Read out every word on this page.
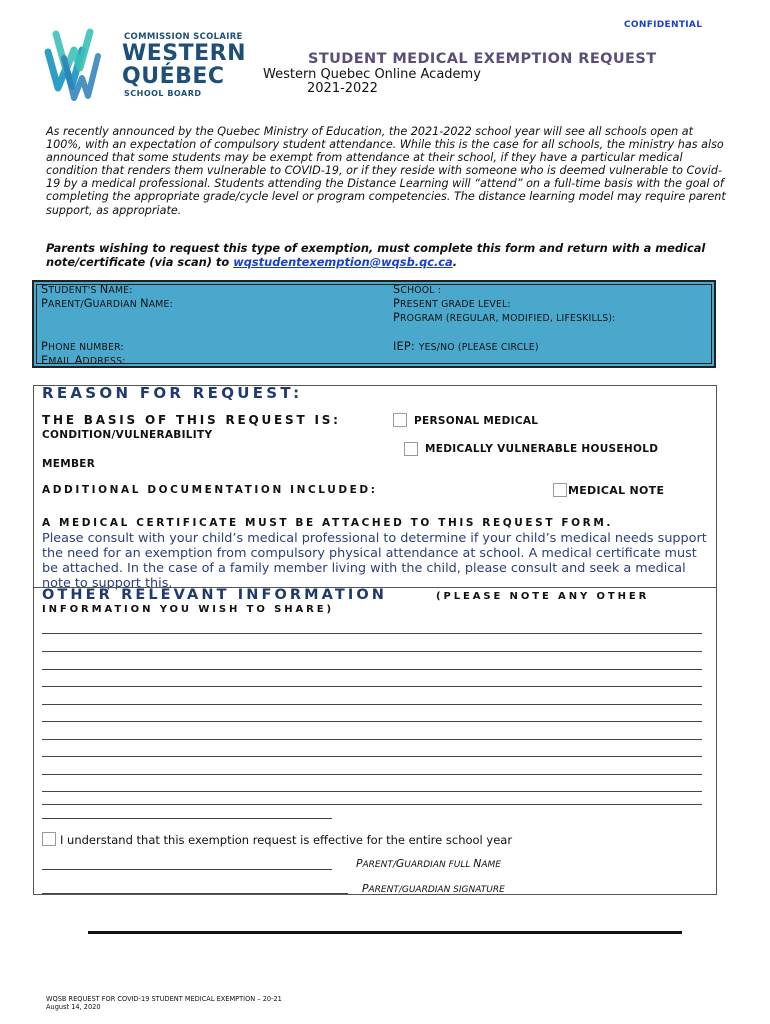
CONFIDENTIAL
COMMISSION SCOLAIRE
WESTERN
QUÉBEC
SCHOOL BOARD
STUDENT MEDICAL EXEMPTION REQUEST
Western Quebec Online Academy
2021-2022

As recently announced by the Quebec Ministry of Education, the 2021-2022 school year will see all schools open at 100%, with an expectation of compulsory student attendance. While this is the case for all schools, the ministry has also announced that some students may be exempt from attendance at their school, if they have a particular medical condition that renders them vulnerable to COVID-19, or if they reside with someone who is deemed vulnerable to Covid-19 by a medical professional. Students attending the Distance Learning will “attend” on a full-time basis with the goal of completing the appropriate grade/cycle level or program competencies. The distance learning model may require parent support, as appropriate.

Parents wishing to request this type of exemption, must complete this form and return with a medical note/certificate (via scan) to wqstudentexemption@wqsb.qc.ca.

STUDENT'S NAME:
PARENT/GUARDIAN NAME:
SCHOOL :
PRESENT GRADE LEVEL:
PROGRAM (REGULAR, MODIFIED, LIFESKILLS):
PHONE NUMBER:
EMAIL ADDRESS:
IEP: YES/NO (PLEASE CIRCLE)
REASON FOR REQUEST:
THE BASIS OF THIS REQUEST IS:	PERSONAL MEDICAL
CONDITION/VULNERABILITY
MEDICALLY VULNERABLE HOUSEHOLD
MEMBER
ADDITIONAL DOCUMENTATION INCLUDED:	MEDICAL NOTE
A MEDICAL CERTIFICATE MUST BE ATTACHED TO THIS REQUEST FORM.

Please consult with your child’s medical professional to determine if your child’s medical needs support the need for an exemption from compulsory physical attendance at school. A medical certificate must be attached. In the case of a family member living with the child, please consult and seek a medical note to support this.

OTHER RELEVANT INFORMATION	(PLEASE NOTE ANY OTHER
INFORMATION YOU WISH TO SHARE)
I understand that this exemption request is effective for the entire school year
PARENT/GUARDIAN FULL NAME
PARENT/GUARDIAN SIGNATURE
WQSB REQUEST FOR COVID-19 STUDENT MEDICAL EXEMPTION – 20-21
August 14, 2020
